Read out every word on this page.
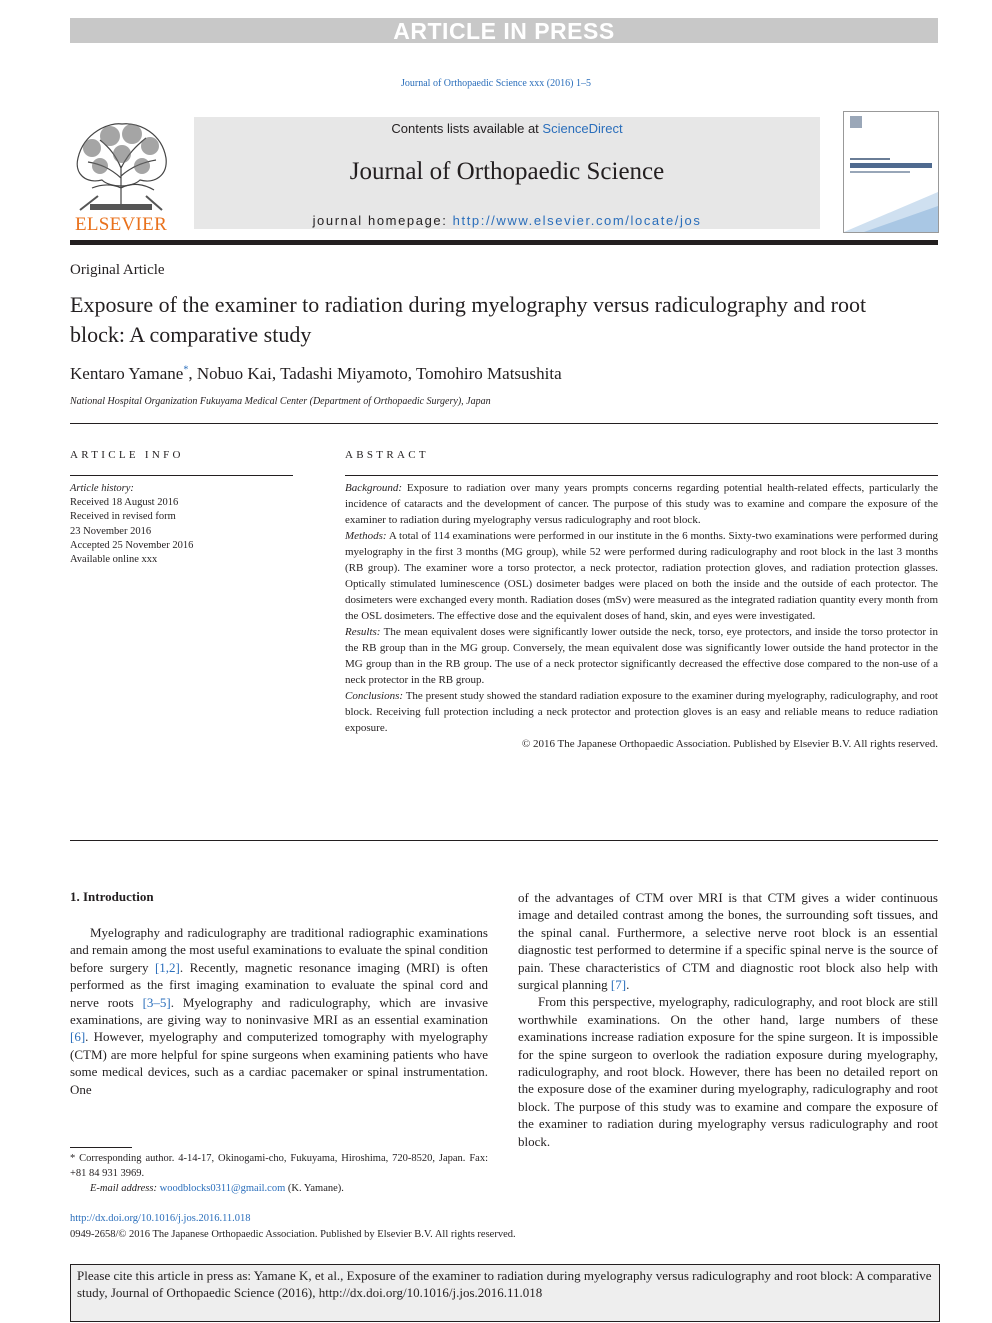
ARTICLE IN PRESS
Journal of Orthopaedic Science xxx (2016) 1–5
ELSEVIER
Contents lists available at ScienceDirect
Journal of Orthopaedic Science
journal homepage: http://www.elsevier.com/locate/jos
Original Article
Exposure of the examiner to radiation during myelography versus radiculography and root block: A comparative study
Kentaro Yamane*, Nobuo Kai, Tadashi Miyamoto, Tomohiro Matsushita
National Hospital Organization Fukuyama Medical Center (Department of Orthopaedic Surgery), Japan
ARTICLE INFO
Article history:
Received 18 August 2016
Received in revised form
23 November 2016
Accepted 25 November 2016
Available online xxx
ABSTRACT

Background: Exposure to radiation over many years prompts concerns regarding potential health-related effects, particularly the incidence of cataracts and the development of cancer. The purpose of this study was to examine and compare the exposure of the examiner to radiation during myelography versus radiculography and root block.

Methods: A total of 114 examinations were performed in our institute in the 6 months. Sixty-two examinations were performed during myelography in the first 3 months (MG group), while 52 were performed during radiculography and root block in the last 3 months (RB group). The examiner wore a torso protector, a neck protector, radiation protection gloves, and radiation protection glasses. Optically stimulated luminescence (OSL) dosimeter badges were placed on both the inside and the outside of each protector. The dosimeters were exchanged every month. Radiation doses (mSv) were measured as the integrated radiation quantity every month from the OSL dosimeters. The effective dose and the equivalent doses of hand, skin, and eyes were investigated.

Results: The mean equivalent doses were significantly lower outside the neck, torso, eye protectors, and inside the torso protector in the RB group than in the MG group. Conversely, the mean equivalent dose was significantly lower outside the hand protector in the MG group than in the RB group. The use of a neck protector significantly decreased the effective dose compared to the non-use of a neck protector in the RB group.

Conclusions: The present study showed the standard radiation exposure to the examiner during myelography, radiculography, and root block. Receiving full protection including a neck protector and protection gloves is an easy and reliable means to reduce radiation exposure.

© 2016 The Japanese Orthopaedic Association. Published by Elsevier B.V. All rights reserved.

1. Introduction

Myelography and radiculography are traditional radiographic examinations and remain among the most useful examinations to evaluate the spinal condition before surgery [1,2]. Recently, magnetic resonance imaging (MRI) is often performed as the first imaging examination to evaluate the spinal cord and nerve roots [3–5]. Myelography and radiculography, which are invasive examinations, are giving way to noninvasive MRI as an essential examination [6]. However, myelography and computerized tomography with myelography (CTM) are more helpful for spine surgeons when examining patients who have some medical devices, such as a cardiac pacemaker or spinal instrumentation. One

of the advantages of CTM over MRI is that CTM gives a wider continuous image and detailed contrast among the bones, the surrounding soft tissues, and the spinal canal. Furthermore, a selective nerve root block is an essential diagnostic test performed to determine if a specific spinal nerve is the source of pain. These characteristics of CTM and diagnostic root block also help with surgical planning [7].

From this perspective, myelography, radiculography, and root block are still worthwhile examinations. On the other hand, large numbers of these examinations increase radiation exposure for the spine surgeon. It is impossible for the spine surgeon to overlook the radiation exposure during myelography, radiculography, and root block. However, there has been no detailed report on the exposure dose of the examiner during myelography, radiculography and root block. The purpose of this study was to examine and compare the exposure of the examiner to radiation during myelography versus radiculography and root block.

* Corresponding author. 4-14-17, Okinogami-cho, Fukuyama, Hiroshima, 720-8520, Japan. Fax: +81 84 931 3969.
E-mail address: woodblocks0311@gmail.com (K. Yamane).
http://dx.doi.org/10.1016/j.jos.2016.11.018
0949-2658/© 2016 The Japanese Orthopaedic Association. Published by Elsevier B.V. All rights reserved.
Please cite this article in press as: Yamane K, et al., Exposure of the examiner to radiation during myelography versus radiculography and root block: A comparative study, Journal of Orthopaedic Science (2016), http://dx.doi.org/10.1016/j.jos.2016.11.018
